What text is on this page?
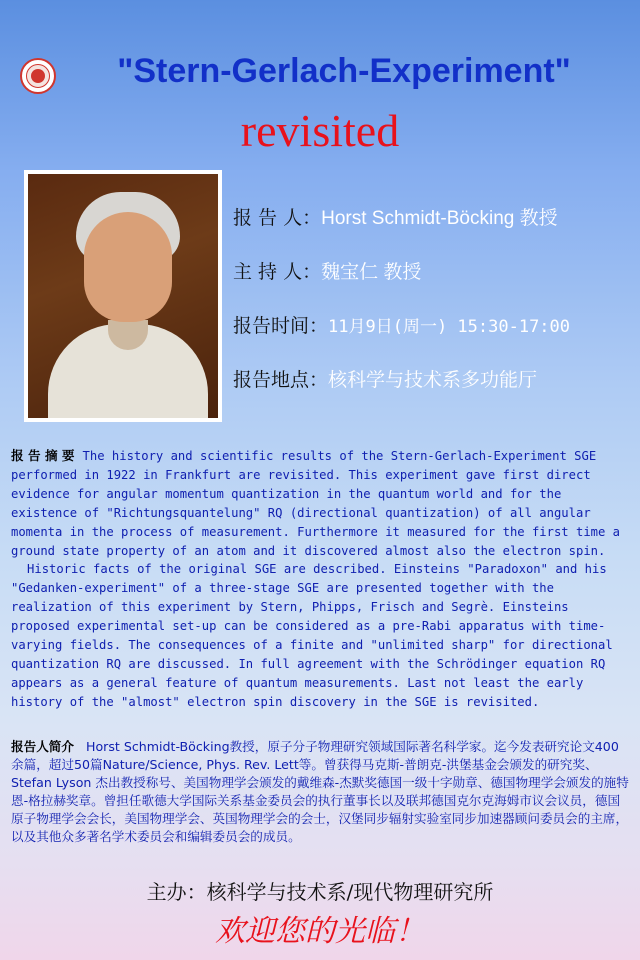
"Stern-Gerlach-Experiment"
revisited
报 告 人：Horst Schmidt-Böcking 教授
主 持 人：魏宝仁 教授
报告时间：11月9日(周一) 15:30-17:00
报告地点：核科学与技术系多功能厅
报 告 摘 要 The history and scientific results of the Stern-Gerlach-Experiment SGE performed in 1922 in Frankfurt are revisited. This experiment gave first direct evidence for angular momentum quantization in the quantum world and for the existence of "Richtungsquantelung" RQ (directional quantization) of all angular momenta in the process of measurement. Furthermore it measured for the first time a ground state property of an atom and it discovered almost also the electron spin.
Historic facts of the original SGE are described. Einsteins "Paradoxon" and his "Gedanken-experiment" of a three-stage SGE are presented together with the realization of this experiment by Stern, Phipps, Frisch and Segrè. Einsteins proposed experimental set-up can be considered as a pre-Rabi apparatus with time-varying fields. The consequences of a finite and "unlimited sharp" for directional quantization RQ are discussed. In full agreement with the Schrödinger equation RQ appears as a general feature of quantum measurements. Last not least the early history of the "almost" electron spin discovery in the SGE is revisited.
报告人简介 Horst Schmidt-Böcking教授，原子分子物理研究领域国际著名科学家。迄今发表研究论文400余篇，超过50篇Nature/Science, Phys. Rev. Lett等。曾获得马克斯-普朗克-洪堡基金会颁发的研究奖、 Stefan Lyson 杰出教授称号、美国物理学会颁发的戴维森-杰默奖德国一级十字勋章、德国物理学会颁发的施特恩-格拉赫奖章。曾担任歌德大学国际关系基金委员会的执行董事长以及联邦德国克尔克海姆市议会议员，德国原子物理学会会长，美国物理学会、英国物理学会的会士，汉堡同步辐射实验室同步加速器顾问委员会的主席，以及其他众多著名学术委员会和编辑委员会的成员。
主办：核科学与技术系/现代物理研究所
欢迎您的光临！
